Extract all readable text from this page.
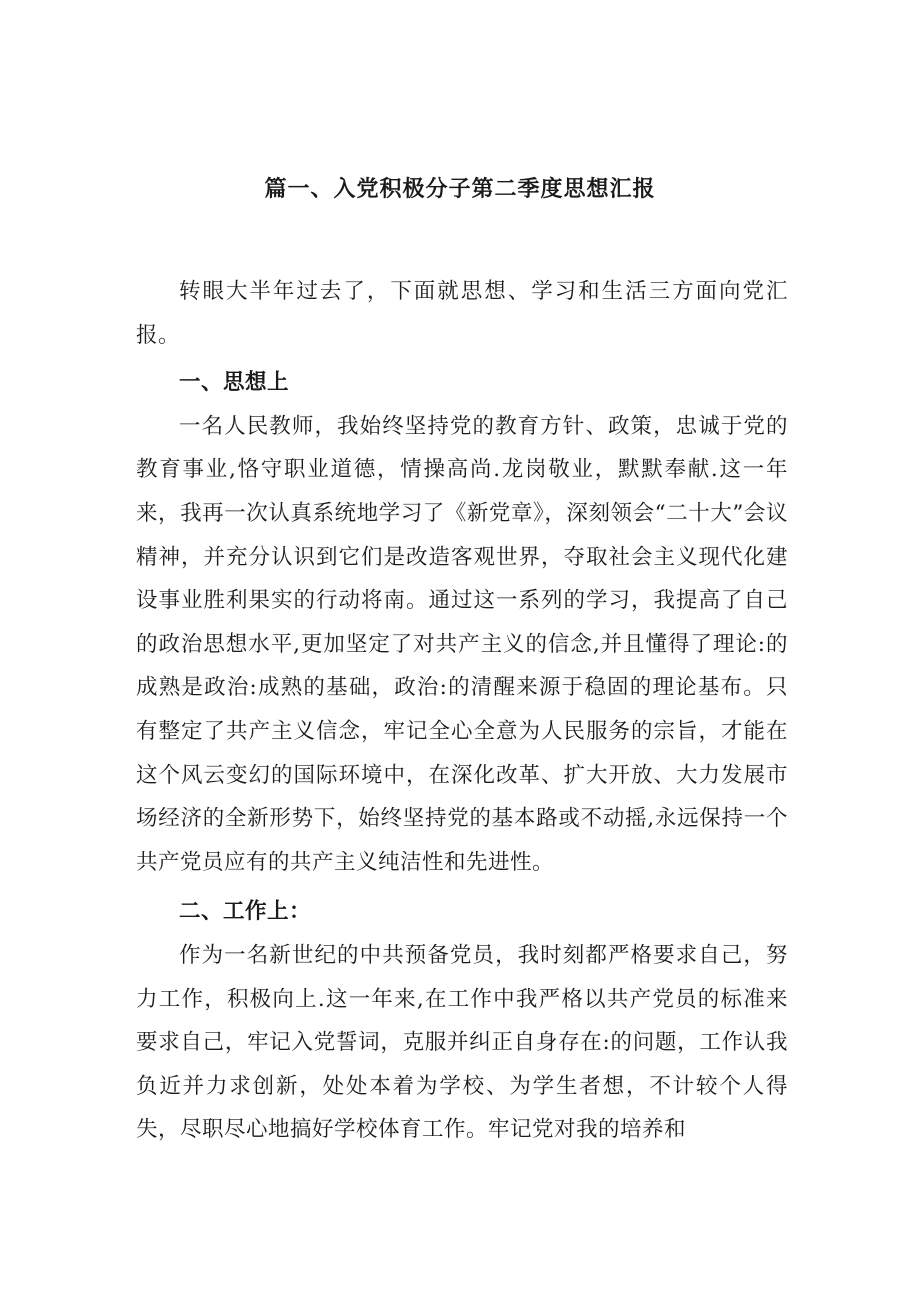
篇一、入党积极分子第二季度思想汇报

转眼大半年过去了，下面就思想、学习和生活三方面向党汇报。

一、思想上

一名人民教师，我始终坚持党的教育方针、政策，忠诚于党的教育事业,恪守职业道德，情操高尚.龙岗敬业，默默奉献.这一年来，我再一次认真系统地学习了《新党章》，深刻领会“二十大”会议精神，并充分认识到它们是改造客观世界，夺取社会主义现代化建设事业胜利果实的行动将南。通过这一系列的学习，我提高了自己的政治思想水平,更加坚定了对共产主义的信念,并且懂得了理论:的成熟是政治:成熟的基础，政治:的清醒来源于稳固的理论基布。只有整定了共产主义信念，牢记全心全意为人民服务的宗旨，才能在这个风云变幻的国际环境中，在深化改革、扩大开放、大力发展市场经济的全新形势下，始终坚持党的基本路或不动摇,永远保持一个共产党员应有的共产主义纯洁性和先进性。

二、工作上：

作为一名新世纪的中共预备党员，我时刻都严格要求自己，努力工作，积极向上.这一年来,在工作中我严格以共产党员的标准来要求自己，牢记入党誓词，克服并纠正自身存在:的问题，工作认我负近并力求创新，处处本着为学校、为学生者想，不计较个人得失，尽职尽心地搞好学校体育工作。牢记党对我的培养和
